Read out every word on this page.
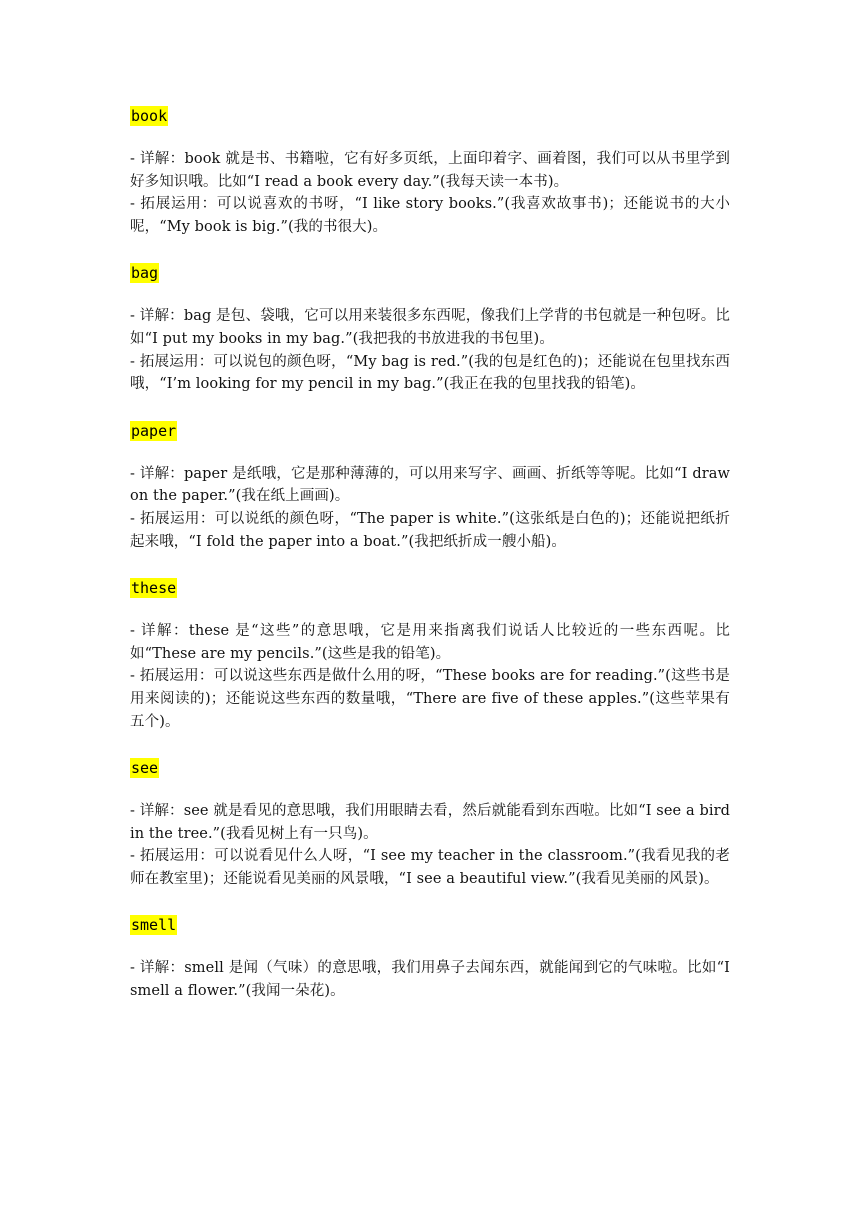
book

- 详解：book 就是书、书籍啦，它有好多页纸，上面印着字、画着图，我们可以从书里学到好多知识哦。比如“I read a book every day.”(我每天读一本书)。

- 拓展运用：可以说喜欢的书呀，“I like story books.”(我喜欢故事书)；还能说书的大小呢，“My book is big.”(我的书很大)。

bag

- 详解：bag 是包、袋哦，它可以用来装很多东西呢，像我们上学背的书包就是一种包呀。比如“I put my books in my bag.”(我把我的书放进我的书包里)。

- 拓展运用：可以说包的颜色呀，“My bag is red.”(我的包是红色的)；还能说在包里找东西哦，“I’m looking for my pencil in my bag.”(我正在我的包里找我的铅笔)。

paper

- 详解：paper 是纸哦，它是那种薄薄的，可以用来写字、画画、折纸等等呢。比如“I draw on the paper.”(我在纸上画画)。

- 拓展运用：可以说纸的颜色呀，“The paper is white.”(这张纸是白色的)；还能说把纸折起来哦，“I fold the paper into a boat.”(我把纸折成一艘小船)。

these

- 详解：these 是“这些”的意思哦，它是用来指离我们说话人比较近的一些东西呢。比如“These are my pencils.”(这些是我的铅笔)。

- 拓展运用：可以说这些东西是做什么用的呀，“These books are for reading.”(这些书是用来阅读的)；还能说这些东西的数量哦，“There are five of these apples.”(这些苹果有五个)。

see

- 详解：see 就是看见的意思哦，我们用眼睛去看，然后就能看到东西啦。比如“I see a bird in the tree.”(我看见树上有一只鸟)。

- 拓展运用：可以说看见什么人呀，“I see my teacher in the classroom.”(我看见我的老师在教室里)；还能说看见美丽的风景哦，“I see a beautiful view.”(我看见美丽的风景)。

smell

- 详解：smell 是闻（气味）的意思哦，我们用鼻子去闻东西，就能闻到它的气味啦。比如“I smell a flower.”(我闻一朵花)。
